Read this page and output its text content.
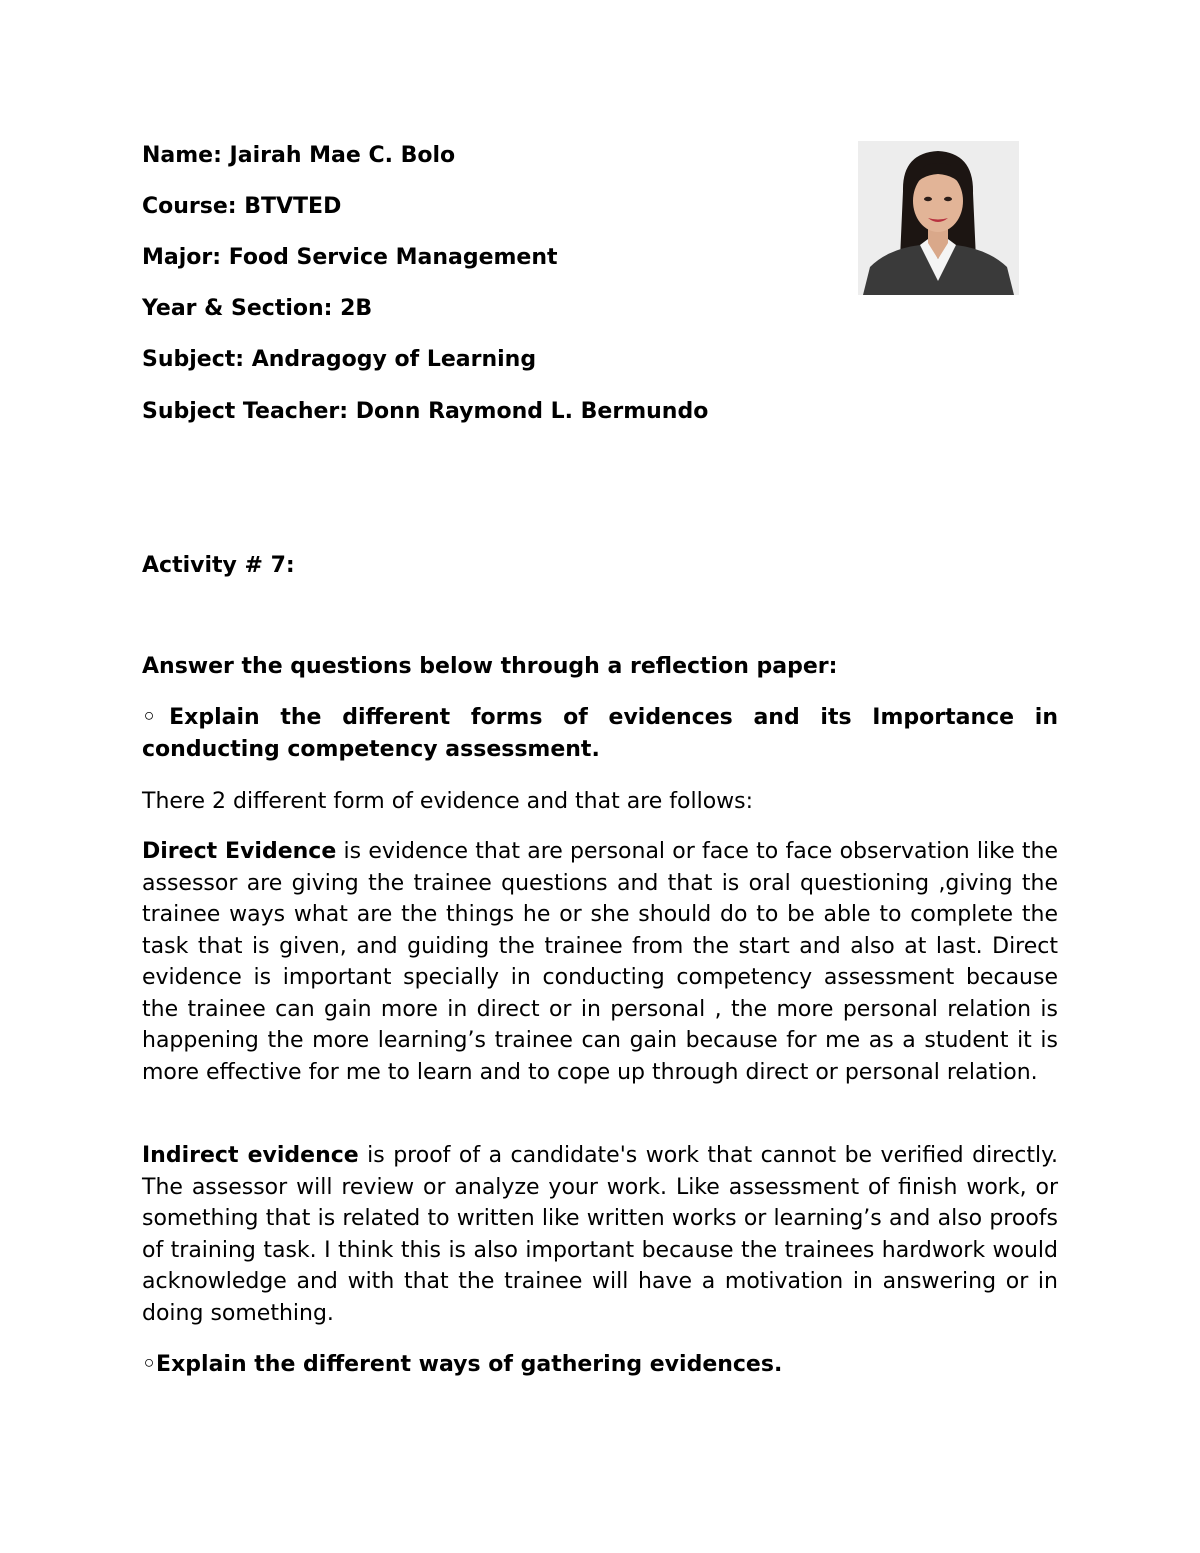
Name: Jairah Mae C. Bolo
Course: BTVTED
Major: Food Service Management
Year & Section: 2B
Subject: Andragogy of Learning
Subject Teacher: Donn Raymond L. Bermundo
Activity # 7:
Answer the questions below through a reflection paper:
◦Explain the different forms of evidences and its Importance in conducting competency assessment.
There 2 different form of evidence and that are follows:

Direct Evidence is evidence that are personal or face to face observation like the assessor are giving the trainee questions and that is oral questioning ,giving the trainee ways what are the things he or she should do to be able to complete the task that is given, and guiding the trainee from the start and also at last. Direct evidence is important specially in conducting competency assessment because the trainee can gain more in direct or in personal , the more personal relation is happening the more learning’s trainee can gain because for me as a student it is more effective for me to learn and to cope up through direct or personal relation.

Indirect evidence is proof of a candidate's work that cannot be verified directly. The assessor will review or analyze your work. Like assessment of finish work, or something that is related to written like written works or learning’s and also proofs of training task. I think this is also important because the trainees hardwork would acknowledge and with that the trainee will have a motivation in answering or in doing something.

◦Explain the different ways of gathering evidences.
